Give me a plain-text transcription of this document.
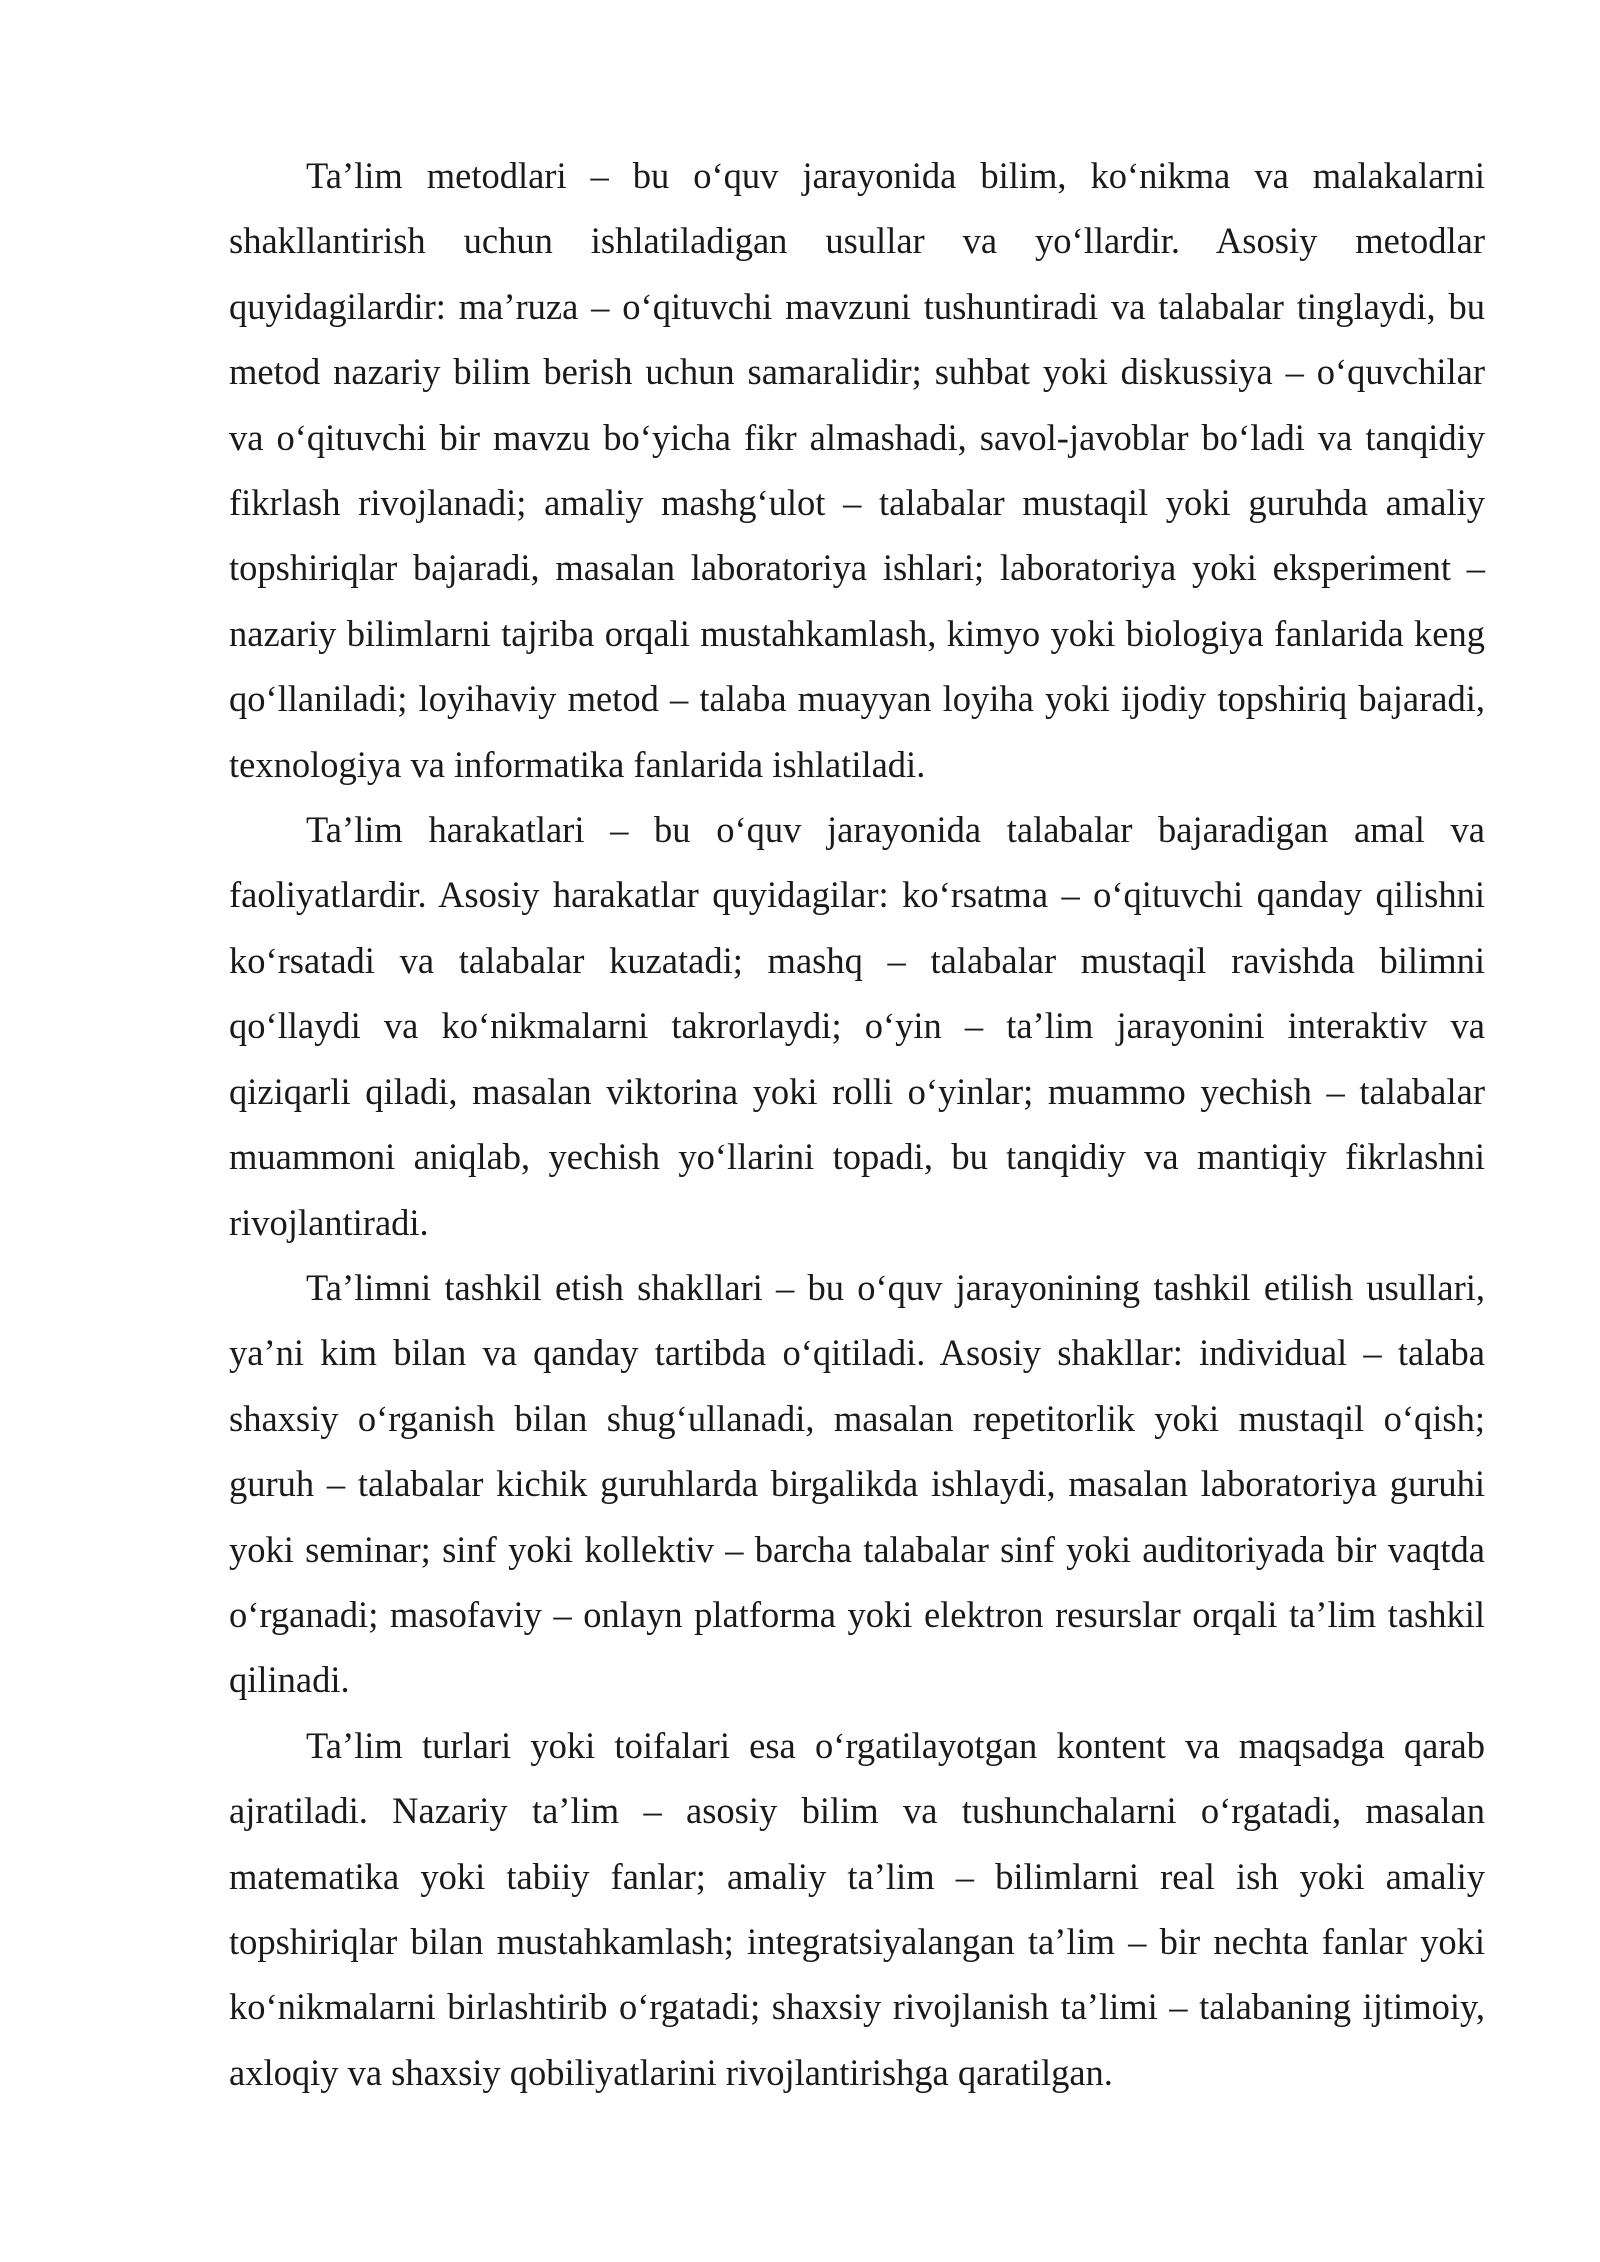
Ta’lim metodlari – bu o‘quv jarayonida bilim, ko‘nikma va malakalarni shakllantirish uchun ishlatiladigan usullar va yo‘llardir. Asosiy metodlar quyidagilardir: ma’ruza – o‘qituvchi mavzuni tushuntiradi va talabalar tinglaydi, bu metod nazariy bilim berish uchun samaralidir; suhbat yoki diskussiya – o‘quvchilar va o‘qituvchi bir mavzu bo‘yicha fikr almashadi, savol-javoblar bo‘ladi va tanqidiy fikrlash rivojlanadi; amaliy mashg‘ulot – talabalar mustaqil yoki guruhda amaliy topshiriqlar bajaradi, masalan laboratoriya ishlari; laboratoriya yoki eksperiment – nazariy bilimlarni tajriba orqali mustahkamlash, kimyo yoki biologiya fanlarida keng qo‘llaniladi; loyihaviy metod – talaba muayyan loyiha yoki ijodiy topshiriq bajaradi, texnologiya va informatika fanlarida ishlatiladi.

Ta’lim harakatlari – bu o‘quv jarayonida talabalar bajaradigan amal va faoliyatlardir. Asosiy harakatlar quyidagilar: ko‘rsatma – o‘qituvchi qanday qilishni ko‘rsatadi va talabalar kuzatadi; mashq – talabalar mustaqil ravishda bilimni qo‘llaydi va ko‘nikmalarni takrorlaydi; o‘yin – ta’lim jarayonini interaktiv va qiziqarli qiladi, masalan viktorina yoki rolli o‘yinlar; muammo yechish – talabalar muammoni aniqlab, yechish yo‘llarini topadi, bu tanqidiy va mantiqiy fikrlashni rivojlantiradi.

Ta’limni tashkil etish shakllari – bu o‘quv jarayonining tashkil etilish usullari, ya’ni kim bilan va qanday tartibda o‘qitiladi. Asosiy shakllar: individual – talaba shaxsiy o‘rganish bilan shug‘ullanadi, masalan repetitorlik yoki mustaqil o‘qish; guruh – talabalar kichik guruhlarda birgalikda ishlaydi, masalan laboratoriya guruhi yoki seminar; sinf yoki kollektiv – barcha talabalar sinf yoki auditoriyada bir vaqtda o‘rganadi; masofaviy – onlayn platforma yoki elektron resurslar orqali ta’lim tashkil qilinadi.

Ta’lim turlari yoki toifalari esa o‘rgatilayotgan kontent va maqsadga qarab ajratiladi. Nazariy ta’lim – asosiy bilim va tushunchalarni o‘rgatadi, masalan matematika yoki tabiiy fanlar; amaliy ta’lim – bilimlarni real ish yoki amaliy topshiriqlar bilan mustahkamlash; integratsiyalangan ta’lim – bir nechta fanlar yoki ko‘nikmalarni birlashtirib o‘rgatadi; shaxsiy rivojlanish ta’limi – talabaning ijtimoiy, axloqiy va shaxsiy qobiliyatlarini rivojlantirishga qaratilgan.
